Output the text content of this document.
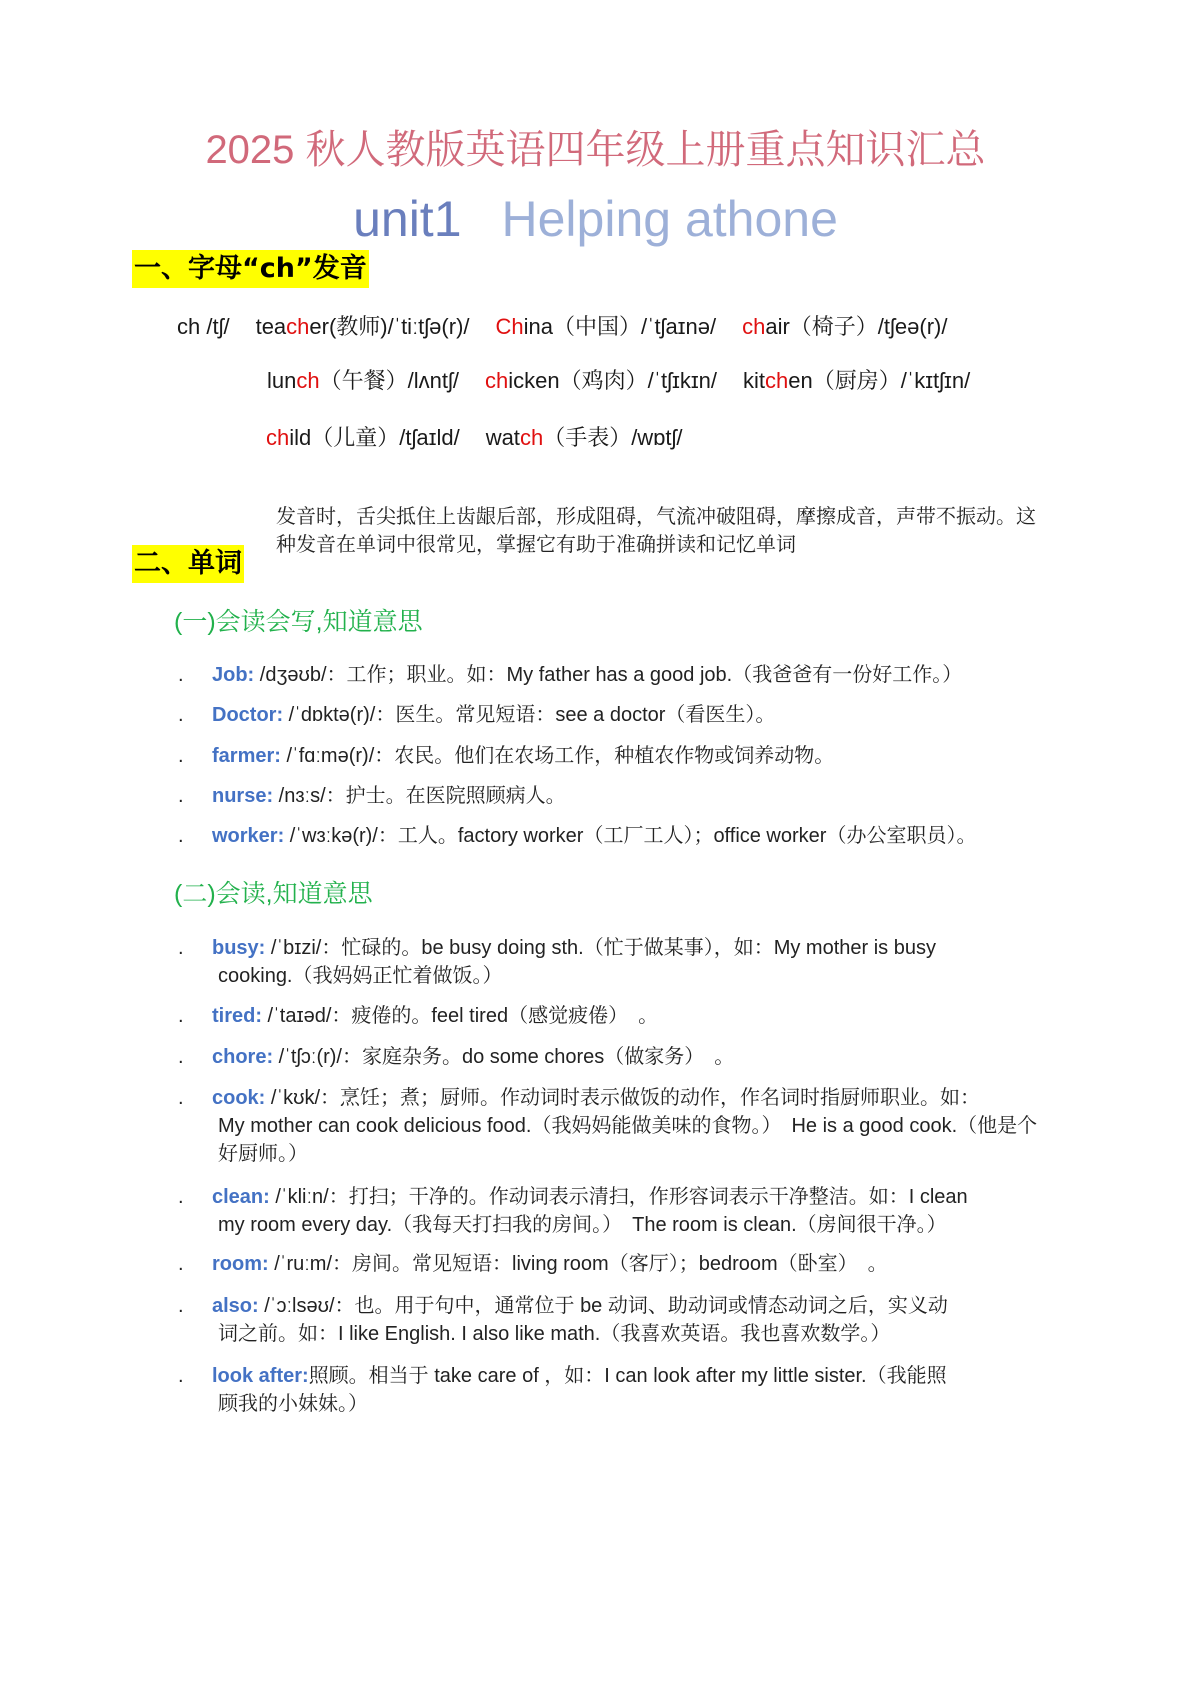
2025 秋人教版英语四年级上册重点知识汇总
unit1 Helping athone
一、字母“ch”发音
ch /tʃ/ teacher(教师)/ˈtiːtʃə(r)/ China（中国）/ˈtʃaɪnə/ chair（椅子）/tʃeə(r)/
lunch（午餐）/lʌntʃ/ chicken（鸡肉）/ˈtʃɪkɪn/ kitchen（厨房）/ˈkɪtʃɪn/
child（儿童）/tʃaɪld/ watch（手表）/wɒtʃ/
发音时，舌尖抵住上齿龈后部，形成阻碍，气流冲破阻碍，摩擦成音，声带不振动。这种发音在单词中很常见，掌握它有助于准确拼读和记忆单词
二、单词
(一)会读会写,知道意思
.	Job: /dʒəʊb/：工作；职业。如：My father has a good job.（我爸爸有一份好工作。）
.	Doctor: /ˈdɒktə(r)/：医生。常见短语：see a doctor（看医生）。
.	farmer: /ˈfɑːmə(r)/：农民。他们在农场工作，种植农作物或饲养动物。
.	nurse: /nɜːs/：护士。在医院照顾病人。
.	worker: /ˈwɜːkə(r)/：工人。factory worker（工厂工人）；office worker（办公室职员）。
(二)会读,知道意思
.	busy: /ˈbɪzi/：忙碌的。be busy doing sth.（忙于做某事），如：My mother is busy
cooking.（我妈妈正忙着做饭。）
.	tired: /ˈtaɪəd/：疲倦的。feel tired（感觉疲倦）　。
.	chore: /ˈtʃɔː(r)/：家庭杂务。do some chores（做家务）　。
.	cook: /ˈkʊk/：烹饪；煮；厨师。作动词时表示做饭的动作，作名词时指厨师职业。如：
My mother can cook delicious food.（我妈妈能做美味的食物。）　He is a good cook.（他是个好厨师。）
.	clean: /ˈkliːn/：打扫；干净的。作动词表示清扫，作形容词表示干净整洁。如：I clean
my room every day.（我每天打扫我的房间。）　The room is clean.（房间很干净。）
.	room: /ˈruːm/：房间。常见短语：living room（客厅）；bedroom（卧室）　。
.	also: /ˈɔːlsəʊ/：也。用于句中，通常位于 be 动词、助动词或情态动词之后，实义动
词之前。如：I like English. I also like math.（我喜欢英语。我也喜欢数学。）
.	look after:照顾。相当于 take care of ，如：I can look after my little sister.（我能照
顾我的小妹妹。）
